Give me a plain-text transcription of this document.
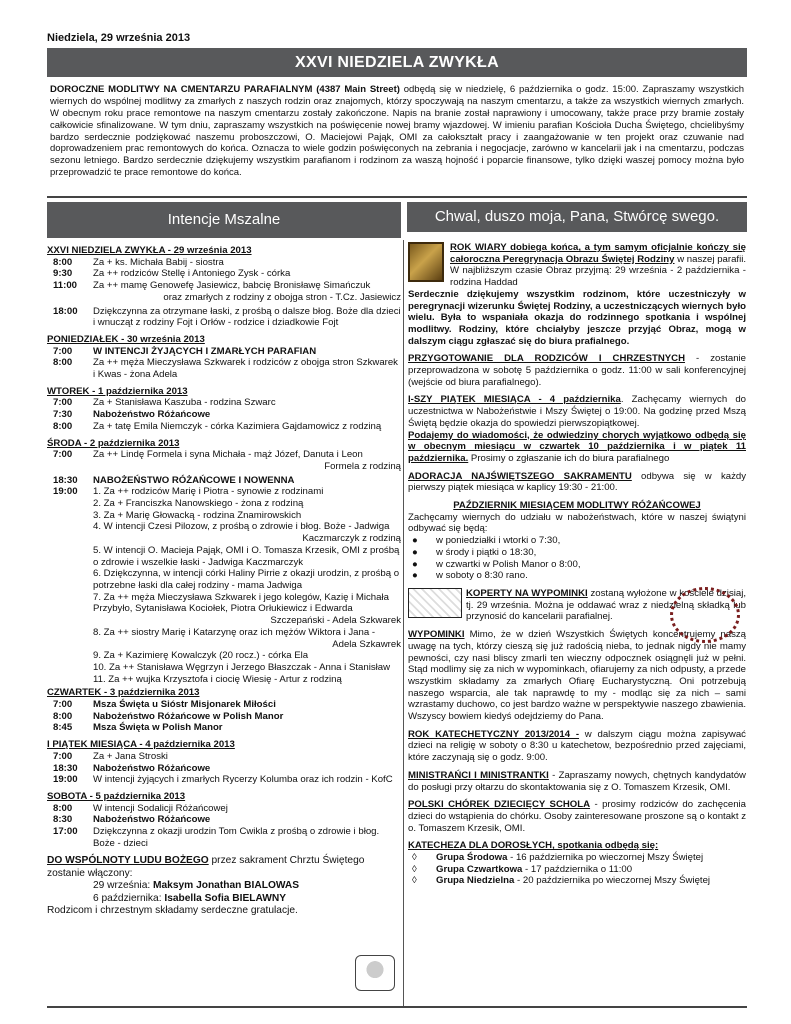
Niedziela, 29 września 2013
XXVI NIEDZIELA ZWYKŁA
DOROCZNE MODLITWY NA CMENTARZU PARAFIALNYM (4387 Main Street) odbędą się w niedzielę, 6 października o godz. 15:00. Zapraszamy wszystkich wiernych do wspólnej modlitwy za zmarłych z naszych rodzin oraz znajomych, którzy spoczywają na naszym cmentarzu, a także za wszystkich wiernych zmarłych. W obecnym roku prace remontowe na naszym cmentarzu zostały zakończone. Napis na branie został naprawiony i umocowany, także prace przy bramie zostały całkowicie sfinalizowane. W tym dniu, zapraszamy wszystkich na poświęcenie nowej bramy wjazdowej. W imieniu parafian Kościoła Ducha Świętego, chcielibyśmy bardzo serdecznie podziękować naszemu proboszczowi, O. Maciejowi Pająk, OMI za całokształt pracy i zaangażowanie w ten projekt oraz czuwanie nad doprowadzeniem prac remontowych do końca. Oznacza to wiele godzin poświęconych na zebrania i negocjacje, zarówno w kancelarii jak i na cmentarzu, podczas sezonu letniego. Bardzo serdecznie dziękujemy wszystkim parafianom i rodzinom za waszą hojność i poparcie finansowe, tylko dzięki waszej pomocy można było przeprowadzić te prace remontowe do końca.
Intencje Mszalne	Chwal, duszo moja, Pana, Stwórcę swego.
XXVI NIEDZIELA ZWYKŁA - 29 września 2013
8:00	Za + ks. Michała Babij - siostra
9:30	Za ++ rodziców Stellę i Antoniego Zysk - córka
11:00	Za ++ mamę Genowefę Jasiewicz, babcię Bronisławę Simańczuk
oraz zmarłych z rodziny z obojga stron - T.Cz. Jasiewicz
18:00	Dziękczynna za otrzymane łaski, z prośbą o dalsze błog. Boże dla dzieci i wnucząt z rodziny Fojt i Orłów - rodzice i dziadkowie Fojt
PONIEDZIAŁEK - 30 września 2013
7:00	W INTENCJI ŻYJĄCYCH I ZMARŁYCH PARAFIAN
8:00	Za ++ męża Mieczysława Szkwarek i rodziców z obojga stron Szkwarek i Kwas - żona Adela
WTOREK - 1 października 2013
7:00	Za + Stanisława Kaszuba - rodzina Szwarc
7:30	Nabożeństwo Różańcowe
8:00	Za + tatę Emila Niemczyk - córka Kazimiera Gajdamowicz z rodziną
ŚRODA - 2 października 2013
7:00	Za ++ Lindę Formela i syna Michała - mąż Józef, Danuta i Leon
Formela z rodziną
18:30	NABOŻEŃSTWO RÓŻAŃCOWE I NOWENNA
19:00	1. Za ++ rodziców Marię i Piotra - synowie z rodzinami
2. Za + Franciszka Nanowskiego - żona z rodziną
3. Za + Marię Głowacką - rodzina Znamirowskich
4. W intencji Czesi Pilozow, z prośbą o zdrowie i błog. Boże - Jadwiga
Kaczmarczyk z rodziną
5. W intencji O. Macieja Pająk, OMI i O. Tomasza Krzesik, OMI z prośbą o zdrowie i wszelkie łaski - Jadwiga Kaczmarczyk
6. Dziękczynna, w intencji córki Haliny Pirrie z okazji urodzin, z prośbą o potrzebne łaski dla całej rodziny - mama Jadwiga
7. Za ++ męża Mieczysława Szkwarek i jego kolegów, Kazię i Michała Przybyło, Sytanisława Kociołek, Piotra Orłukiewicz i Edwarda
Szczepański - Adela Szkwarek
8. Za ++ siostry Marię i Katarzynę oraz ich mężów Wiktora i Jana -
Adela Szkawrek
9. Za + Kazimierę Kowalczyk (20 rocz.) - córka Ela
10. Za ++ Stanisława Węgrzyn i Jerzego Błaszczak - Anna i Stanisław
11. Za ++ wujka Krzysztofa i ciocię Wiesię - Artur z rodziną
CZWARTEK - 3 października 2013
7:00	Msza Święta u Sióstr Misjonarek Miłości
8:00	Nabożeństwo Różańcowe w Polish Manor
8:45	Msza Święta w Polish Manor
I PIĄTEK MIESIĄCA - 4 października 2013
7:00	Za + Jana Stroski
18:30	Nabożeństwo Różańcowe
19:00	W intencji żyjących i zmarłych Rycerzy Kolumba oraz ich rodzin - KofC
SOBOTA - 5 października 2013
8:00	W intencji Sodalicji Różańcowej
8:30	Nabożeństwo Różańcowe
17:00	Dziękczynna z okazji urodzin Tom Cwikla z prośbą o zdrowie i błog. Boże - dzieci
DO WSPÓLNOTY LUDU BOŻEGO przez sakrament Chrztu Świętego zostanie włączony:
29 września: Maksym Jonathan BIALOWAS
6 października: Isabella Sofia BIELAWNY
Rodzicom i chrzestnym składamy serdeczne gratulacje.
ROK WIARY dobiega końca, a tym samym oficjalnie kończy się całoroczna Peregrynacja Obrazu Świętej Rodziny w naszej parafii. W najbliższym czasie Obraz przyjmą: 29 września - 2 października - rodzina Haddad
Serdecznie dziękujemy wszystkim rodzinom, które uczestniczyły w peregrynacji wizerunku Świętej Rodziny, a uczestniczących wiernych było wielu. Była to wspaniała okazja do rodzinnego spotkania i wspólnej modlitwy. Rodziny, które chciałyby jeszcze przyjąć Obraz, mogą w dalszym ciągu zgłaszać się do biura prafialnego.
PRZYGOTOWANIE DLA RODZICÓW I CHRZESTNYCH - zostanie przeprowadzona w sobotę 5 października o godz. 11:00 w sali konferencyjnej (wejście od biura parafialnego).
I-SZY PIĄTEK MIESIĄCA - 4 października. Zachęcamy wiernych do uczestnictwa w Nabożeństwie i Mszy Świętej o 19:00. Na godzinę przed Mszą Świętą będzie okazja do spowiedzi pierwszopiątkowej.
Podajemy do wiadomości, że odwiedziny chorych wyjątkowo odbędą się w obecnym miesiącu w czwartek 10 października i w piątek 11 października. Prosimy o zgłaszanie ich do biura parafialnego
ADORACJA NAJŚWIĘTSZEGO SAKRAMENTU odbywa się w każdy pierwszy piątek miesiąca w kaplicy 19:30 - 21:00.
PAŹDZIERNIK MIESIĄCEM MODLITWY RÓŻAŃCOWEJ
Zachęcamy wiernych do udziału w nabożeństwach, które w naszej świątyni odbywać się będą:
●	w poniedziałki i wtorki o 7:30,
●	w środy i piątki o 18:30,
●	w czwartki w Polish Manor o 8:00,
●	w soboty o 8:30 rano.
KOPERTY NA WYPOMINKI zostaną wyłożone w kościele dzisiaj, tj. 29 września. Można je oddawać wraz z niedzielną składką lub przynosić do kancelarii parafialnej.
WYPOMINKI Mimo, że w dzień Wszystkich Świętych koncentrujemy naszą uwagę na tych, którzy cieszą się już radością nieba, to jednak nigdy nie mamy pewności, czy nasi bliscy zmarli ten wieczny odpocznek osiągnęli już w pełni. Stąd modlimy się za nich w wypominkach, ofiarujemy za nich odpusty, a przede wszystkim składamy za zmarłych Ofiarę Eucharystyczną. Oni potrzebują naszego wsparcia, ale tak naprawdę to my - modląc się za nich – sami wzrastamy duchowo, co jest bardzo ważne w perspektywie naszego zbawienia. Wszyscy bowiem kiedyś odejdziemy do Pana.
ROK KATECHETYCZNY 2013/2014 - w dalszym ciągu można zapisywać dzieci na religię w soboty o 8:30 u katechetow, bezpośrednio przed zajęciami, które zaczynają się o godz. 9:00.
MINISTRAŃCI I MINISTRANTKI - Zapraszamy nowych, chętnych kandydatów do posługi przy ołtarzu do skontaktowania się z O. Tomaszem Krzesik, OMI.
POLSKI CHÓREK DZIECIĘCY SCHOLA - prosimy rodziców do zachęcenia dzieci do wstąpienia do chórku. Osoby zainteresowane proszone są o kontakt z o. Tomaszem Krzesik, OMI.
KATECHEZA DLA DOROSŁYCH, spotkania odbędą się:
◊	Grupa Środowa - 16 października po wieczornej Mszy Świętej
◊	Grupa Czwartkowa - 17 października o 11:00
◊	Grupa Niedzielna - 20 października po wieczornej Mszy Świętej
